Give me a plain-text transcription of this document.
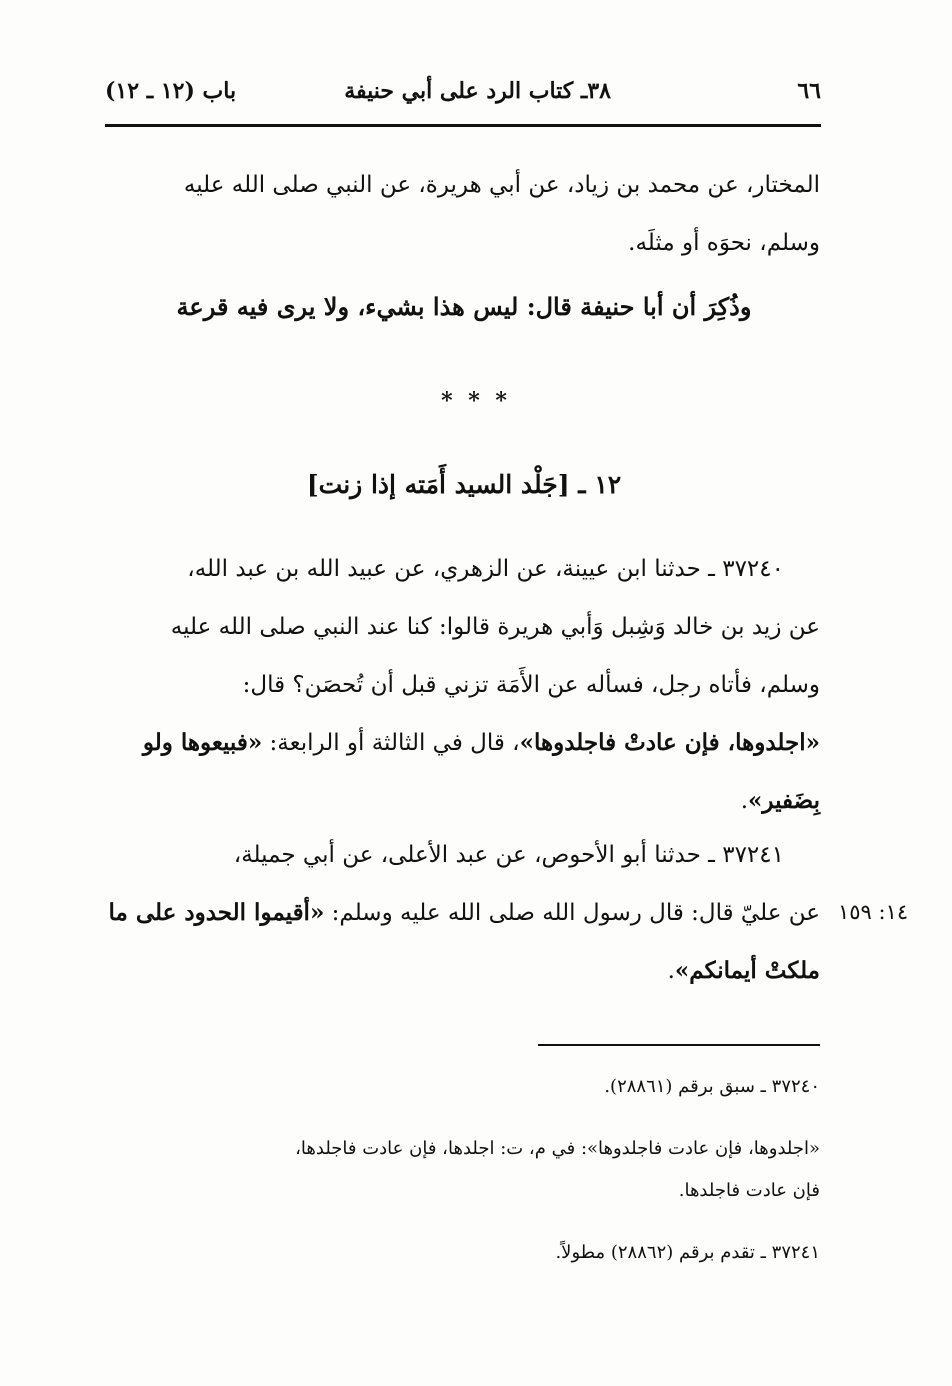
٦٦
٣٨ـ كتاب الرد على أبي حنيفة
باب (١٢ ـ ١٢)
المختار، عن محمد بن زياد، عن أبي هريرة، عن النبي صلى الله عليه
وسلم، نحوَه أو مثلَه.
وذُكِرَ أن أبا حنيفة قال: ليس هذا بشيء، ولا يرى فيه قرعة
* * *
١٢ ـ [جَلْد السيد أَمَته إذا زنت]
٣٧٢٤٠ ـ حدثنا ابن عيينة، عن الزهري، عن عبيد الله بن عبد الله،
عن زيد بن خالد وَشِبل وَأبي هريرة قالوا: كنا عند النبي صلى الله عليه
وسلم، فأتاه رجل، فسأله عن الأَمَة تزني قبل أن تُحصَن؟ قال:
«اجلدوها، فإن عادتْ فاجلدوها»، قال في الثالثة أو الرابعة: «فبيعوها ولو
بِضَفير».
٣٧٢٤١ ـ حدثنا أبو الأحوص، عن عبد الأعلى، عن أبي جميلة،
عن عليّ قال: قال رسول الله صلى الله عليه وسلم: «أقيموا الحدود على ما
ملكتْ أيمانكم».
١٤: ١٥٩
٣٧٢٤٠ ـ سبق برقم (٢٨٨٦١).
«اجلدوها، فإن عادت فاجلدوها»: في م، ت: اجلدها، فإن عادت فاجلدها،
فإن عادت فاجلدها.
٣٧٢٤١ ـ تقدم برقم (٢٨٨٦٢) مطولاً.
